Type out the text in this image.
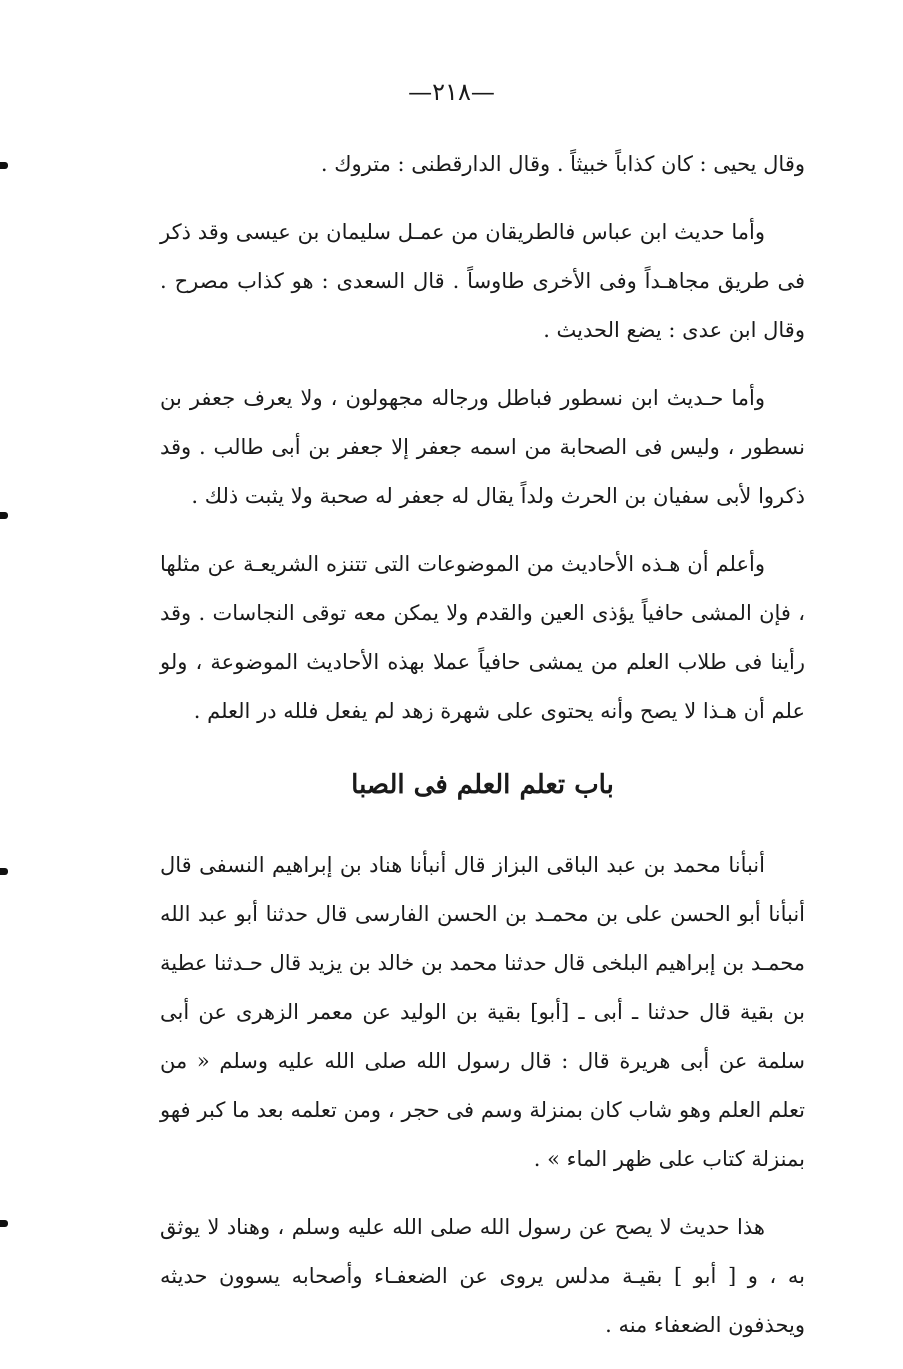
—٢١٨—

وقال يحيى : كان كذاباً خبيثاً . وقال الدارقطنى : متروك .

وأما حديث ابن عباس فالطريقان من عمـل سليمان بن عيسى وقد ذكر فى طريق مجاهـداً وفى الأخرى طاوساً . قال السعدى : هو كذاب مصرح . وقال ابن عدى : يضع الحديث .

وأما حـديث ابن نسطور فباطل ورجاله مجهولون ، ولا يعرف جعفر بن نسطور ، وليس فى الصحابة من اسمه جعفر إلا جعفر بن أبى طالب . وقد ذكروا لأبى سفيان بن الحرث ولداً يقال له جعفر له صحبة ولا يثبت ذلك .

وأعلم أن هـذه الأحاديث من الموضوعات التى تتنزه الشريعـة عن مثلها ، فإن المشى حافياً يؤذى العين والقدم ولا يمكن معه توقى النجاسات . وقد رأينا فى طلاب العلم من يمشى حافياً عملا بهذه الأحاديث الموضوعة ، ولو علم أن هـذا لا يصح وأنه يحتوى على شهرة زهد لم يفعل فلله در العلم .

باب تعلم العلم فى الصبا

أنبأنا محمد بن عبد الباقى البزاز قال أنبأنا هناد بن إبراهيم النسفى قال أنبأنا أبو الحسن على بن محمـد بن الحسن الفارسى قال حدثنا أبو عبد الله محمـد بن إبراهيم البلخى قال حدثنا محمد بن خالد بن يزيد قال حـدثنا عطية بن بقية قال حدثنا ـ أبى ـ [أبو] بقية بن الوليد عن معمر الزهرى عن أبى سلمة عن أبى هريرة قال : قال رسول الله صلى الله عليه وسلم « من تعلم العلم وهو شاب كان بمنزلة وسم فى حجر ، ومن تعلمه بعد ما كبر فهو بمنزلة كتاب على ظهر الماء » .

هذا حديث لا يصح عن رسول الله صلى الله عليه وسلم ، وهناد لا يوثق به ، و [ أبو ] بقيـة مدلس يروى عن الضعفـاء وأصحابه يسوون حديثه ويحذفون الضعفاء منه .
